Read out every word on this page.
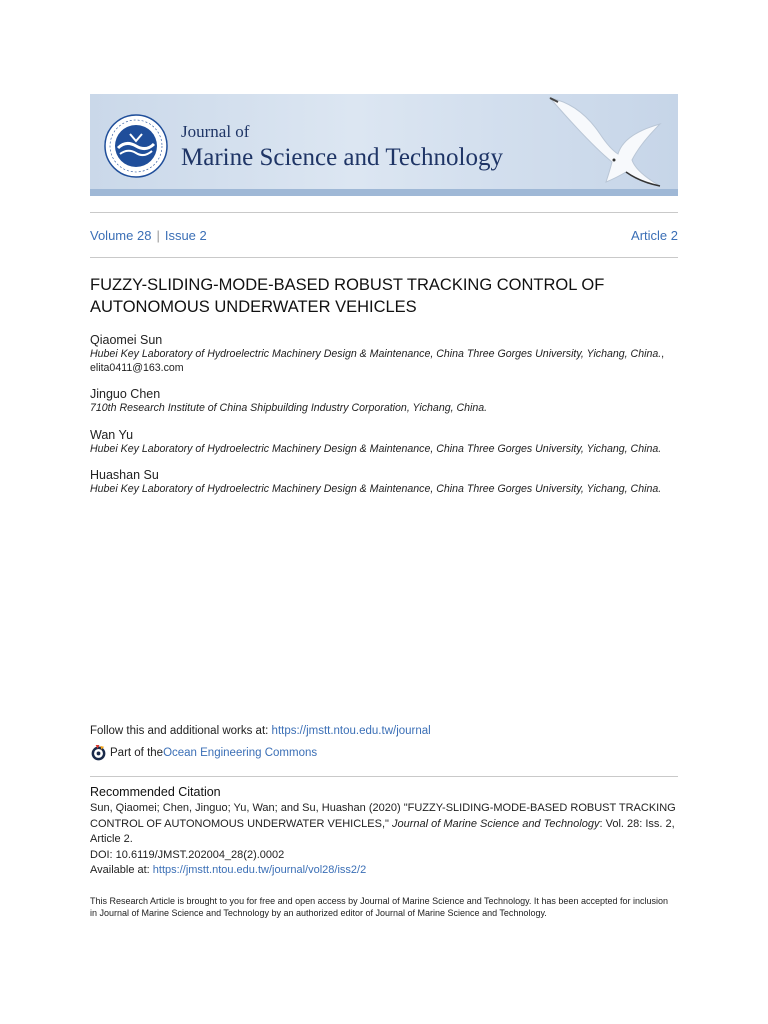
Journal of
Marine Science and Technology
Volume 28 | Issue 2	Article 2
FUZZY-SLIDING-MODE-BASED ROBUST TRACKING CONTROL OF AUTONOMOUS UNDERWATER VEHICLES
Qiaomei Sun
Hubei Key Laboratory of Hydroelectric Machinery Design & Maintenance, China Three Gorges University, Yichang, China., elita0411@163.com
Jinguo Chen
710th Research Institute of China Shipbuilding Industry Corporation, Yichang, China.
Wan Yu
Hubei Key Laboratory of Hydroelectric Machinery Design & Maintenance, China Three Gorges University, Yichang, China.
Huashan Su
Hubei Key Laboratory of Hydroelectric Machinery Design & Maintenance, China Three Gorges University, Yichang, China.
Follow this and additional works at: https://jmstt.ntou.edu.tw/journal
Part of the Ocean Engineering Commons
Recommended Citation
Sun, Qiaomei; Chen, Jinguo; Yu, Wan; and Su, Huashan (2020) "FUZZY-SLIDING-MODE-BASED ROBUST TRACKING CONTROL OF AUTONOMOUS UNDERWATER VEHICLES," Journal of Marine Science and Technology: Vol. 28: Iss. 2, Article 2.
DOI: 10.6119/JMST.202004_28(2).0002
Available at: https://jmstt.ntou.edu.tw/journal/vol28/iss2/2
This Research Article is brought to you for free and open access by Journal of Marine Science and Technology. It has been accepted for inclusion in Journal of Marine Science and Technology by an authorized editor of Journal of Marine Science and Technology.
